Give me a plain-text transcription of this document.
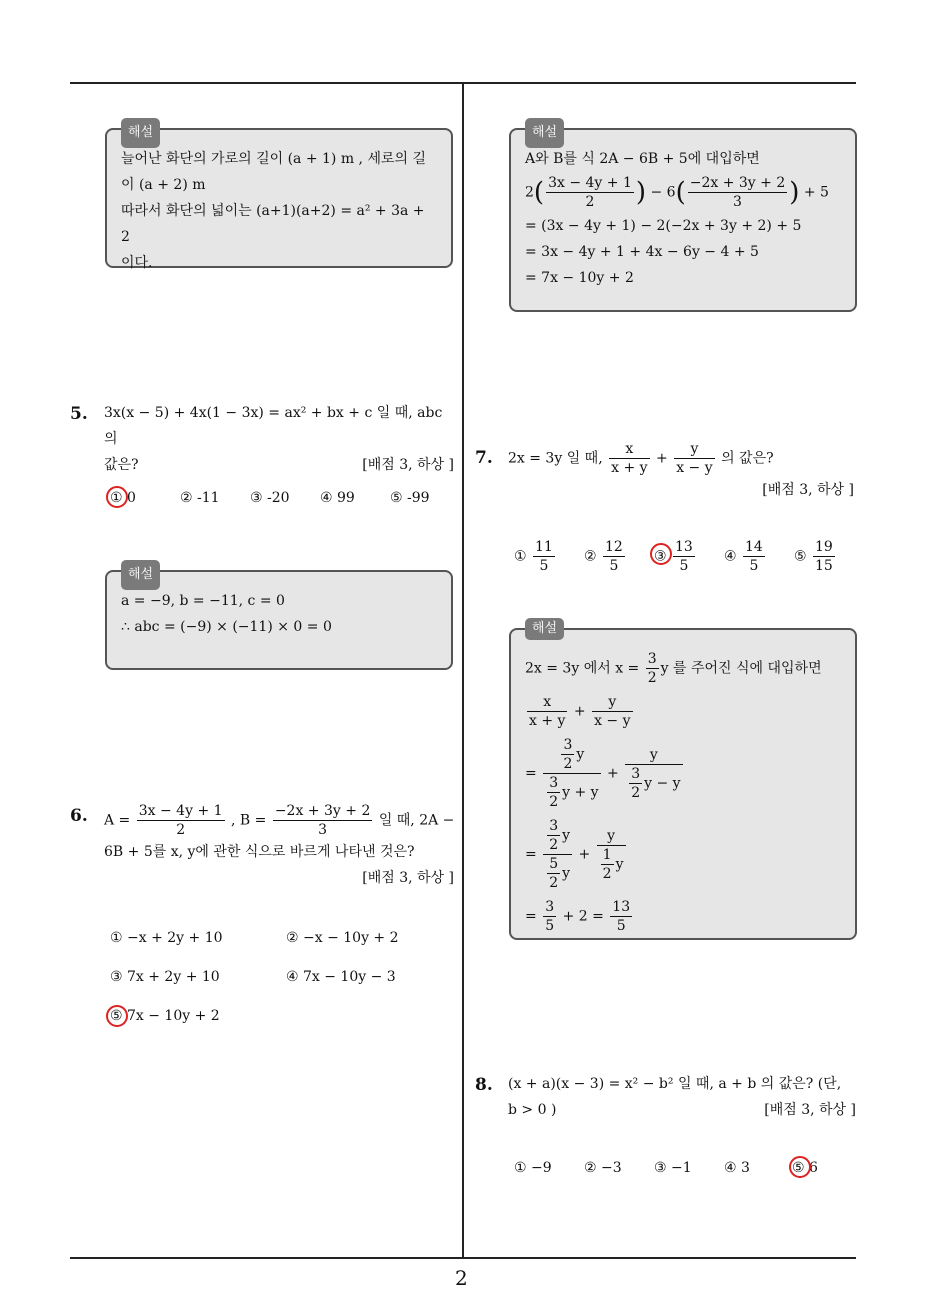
2
해설
늘어난 화단의 가로의 길이 (a + 1) m , 세로의 길
이 (a + 2) m
따라서 화단의 넓이는 (a+1)(a+2) = a² + 3a + 2
이다.
5. 3x(x − 5) + 4x(1 − 3x) = ax² + bx + c 일 때, abc 의
값은?	[배점 3, 하상 ]
① 0	② -11 ③ -20 ④ 99	⑤ -99
해설
a = −9, b = −11, c = 0
∴ abc = (−9) × (−11) × 0 = 0
6. $A = \frac{3x - 4y + 1}{2}$ , $B = \frac{-2x + 3y + 2}{3}$ 일 때, 2A −
6B + 5를 x, y에 관한 식으로 바르게 나타낸 것은?
[배점 3, 하상 ]
① −x + 2y + 10	② −x − 10y + 2
③ 7x + 2y + 10	④ 7x − 10y − 3
⑤ 7x − 10y + 2
해설
A와 B를 식 2A − 6B + 5에 대입하면
$2( \frac{3x - 4y + 1}{2}$ ) − $6( \frac{-2x + 3y + 2}{3}$ ) + 5
= (3x − 4y + 1) − 2(−2x + 3y + 2) + 5
= 3x − 4y + 1 + 4x − 6y − 4 + 5
= 7x − 10y + 2
7. 2x = 3y 일 때, $\frac{x}{x + y} + \frac{y}{x - y}$ 의 값은?
[배점 3, 하상 ]
① $\frac{11}{5}$ ② $\frac{12}{5}$ ③ $\frac{13}{5}$ ④ $\frac{14}{5}$ ⑤ $\frac{19}{15}$
해설
2x = 3y 에서 $x = \frac{3}{2}$ y 를 주어진 식에 대입하면
$\frac{x}{x + y} + \frac{y}{x - y}$
= $\frac{\frac{3}{2} y}{\frac{3}{2} y + y} + \frac{y}{\frac{3}{2} y - y}$
= $\frac{\frac{3}{2} y}{\frac{5}{2} y} + \frac{y}{\frac{1}{2} y}$
= $\frac{3}{5} + 2 = \frac{13}{5}$
8. (x + a)(x − 3) = x² − b² 일 때, a + b 의 값은? (단,
b > 0 )	[배점 3, 하상 ]
① −9 ② −3 ③ −1 ④ 3	⑤ 6
